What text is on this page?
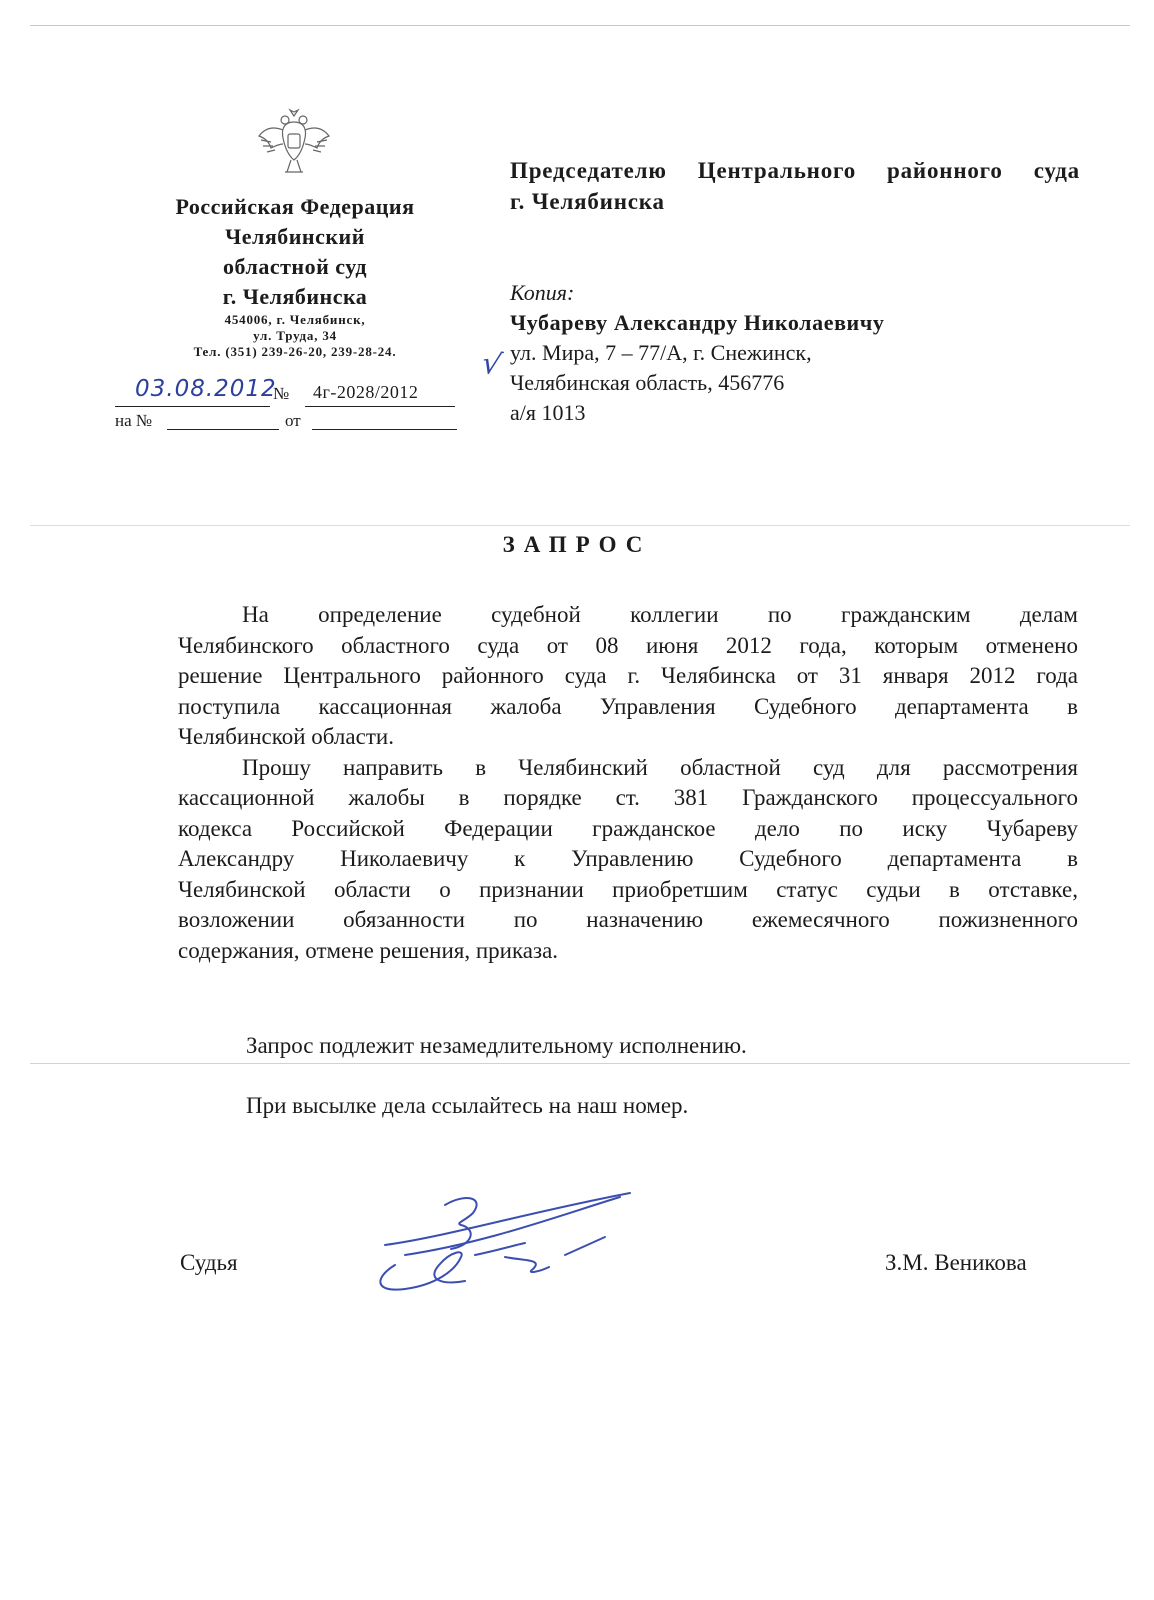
Российская Федерация
Челябинский
областной суд
г. Челябинска
454006, г. Челябинск,
ул. Труда, 34
Тел. (351) 239-26-20, 239-28-24.
03.08.2012
№ 4г-2028/2012
на №	от
Председателю Центрального районного суда
г. Челябинска
Копия:
Чубареву Александру Николаевичу
ул. Мира, 7 – 77/А, г. Снежинск,
Челябинская область, 456776
а/я 1013
√
ЗАПРОС
На определение судебной коллегии по гражданским делам
Челябинского областного суда от 08 июня 2012 года, которым отменено
решение Центрального районного суда г. Челябинска от 31 января 2012 года
поступила кассационная жалоба Управления Судебного департамента в
Челябинской области.
Прошу направить в Челябинский областной суд для рассмотрения
кассационной жалобы в порядке ст. 381 Гражданского процессуального
кодекса Российской Федерации гражданское дело по иску Чубареву
Александру Николаевичу к Управлению Судебного департамента в
Челябинской области о признании приобретшим статус судьи в отставке,
возложении обязанности по назначению ежемесячного пожизненного
содержания, отмене решения, приказа.
Запрос подлежит незамедлительному исполнению.
При высылке дела ссылайтесь на наш номер.
Судья	З.М. Веникова
